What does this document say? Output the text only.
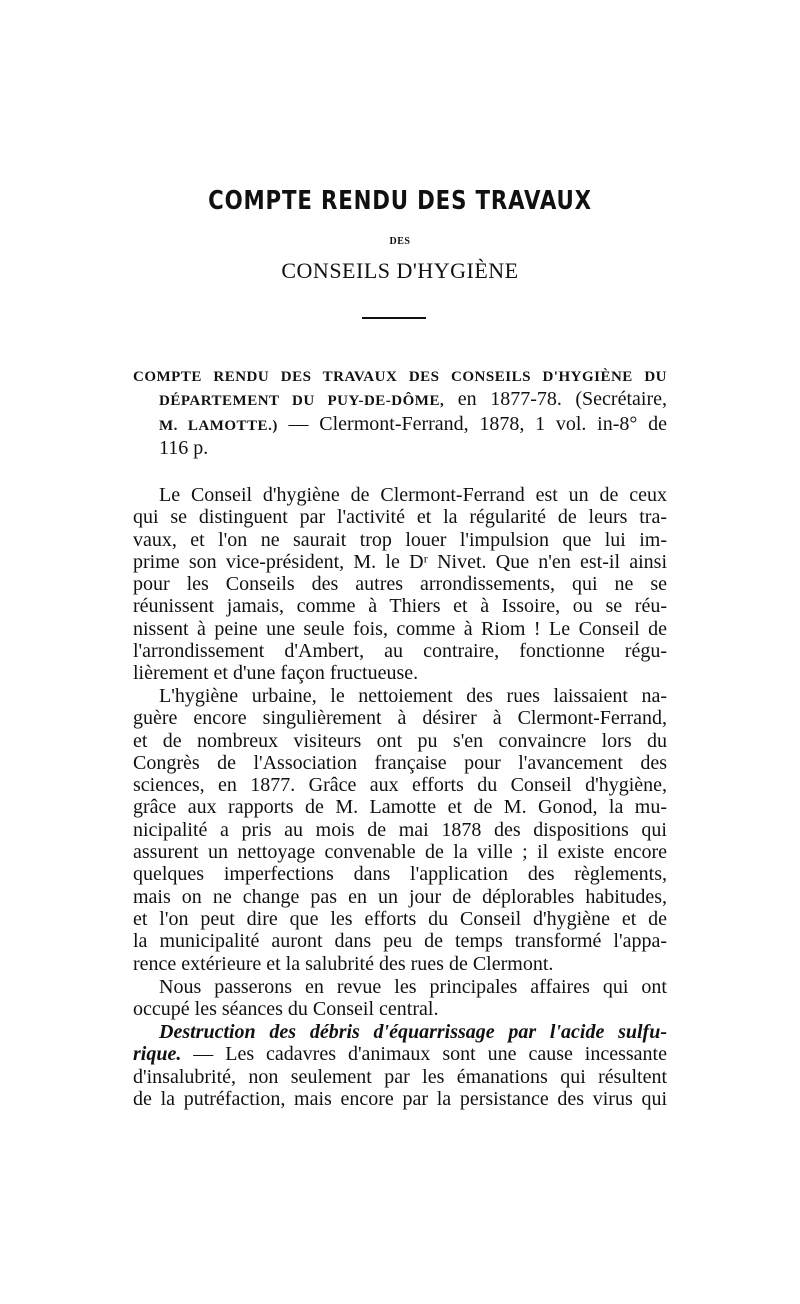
COMPTE RENDU DES TRAVAUX
DES
CONSEILS D'HYGIÈNE
COMPTE RENDU DES TRAVAUX DES CONSEILS D'HYGIÈNE DU
DÉPARTEMENT DU PUY-DE-DÔME, en 1877-78. (Secrétaire,
M. LAMOTTE.) — Clermont-Ferrand, 1878, 1 vol. in-8° de
116 p.
Le Conseil d'hygiène de Clermont-Ferrand est un de ceux
qui se distinguent par l'activité et la régularité de leurs tra-
vaux, et l'on ne saurait trop louer l'impulsion que lui im-
prime son vice-président, M. le Dʳ Nivet. Que n'en est-il ainsi
pour les Conseils des autres arrondissements, qui ne se
réunissent jamais, comme à Thiers et à Issoire, ou se réu-
nissent à peine une seule fois, comme à Riom ! Le Conseil de
l'arrondissement d'Ambert, au contraire, fonctionne régu-
lièrement et d'une façon fructueuse.
L'hygiène urbaine, le nettoiement des rues laissaient na-
guère encore singulièrement à désirer à Clermont-Ferrand,
et de nombreux visiteurs ont pu s'en convaincre lors du
Congrès de l'Association française pour l'avancement des
sciences, en 1877. Grâce aux efforts du Conseil d'hygiène,
grâce aux rapports de M. Lamotte et de M. Gonod, la mu-
nicipalité a pris au mois de mai 1878 des dispositions qui
assurent un nettoyage convenable de la ville ; il existe encore
quelques imperfections dans l'application des règlements,
mais on ne change pas en un jour de déplorables habitudes,
et l'on peut dire que les efforts du Conseil d'hygiène et de
la municipalité auront dans peu de temps transformé l'appa-
rence extérieure et la salubrité des rues de Clermont.
Nous passerons en revue les principales affaires qui ont
occupé les séances du Conseil central.
Destruction des débris d'équarrissage par l'acide sulfu-
rique. — Les cadavres d'animaux sont une cause incessante
d'insalubrité, non seulement par les émanations qui résultent
de la putréfaction, mais encore par la persistance des virus qui
